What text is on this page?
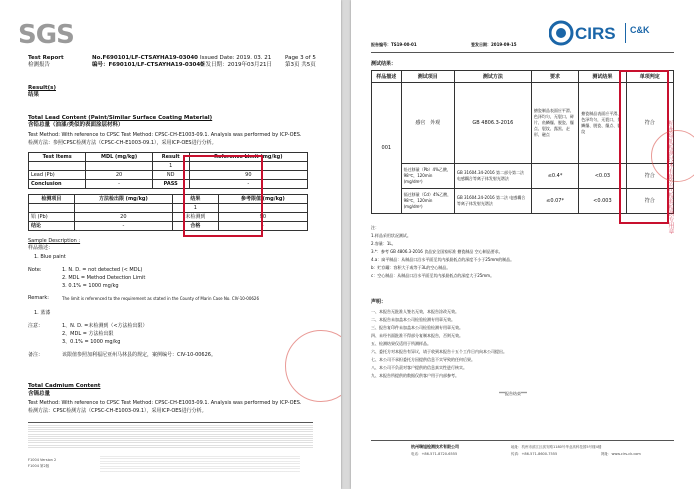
SGS
Test Report
检测报告
No.F690101/LF-CTSAYHA19-03040
编号：F690101/LF-CTSAYHA19-03040
Issued Date: 2019. 03. 21
签发日期：2019年03月21日
Page 3 of 5
第3页 共5页
Result(s)
结果
Total Lead Content (Paint/Similar Surface Coating Material)
含铅总量（油漆/类似的表面涂层材料）
Test Method: With reference to CPSC Test Method: CPSC-CH-E1003-09.1. Analysis was performed by ICP-OES.
检测方法：参照CPSC检测方法（CPSC-CH-E1003-09.1），采用ICP-OES进行分析。
Test Items	MDL (mg/kg)	Result	Reference Limit (mg/kg)
		1	
Lead (Pb)	20	ND	90
Conclusion	-	PASS	-
检测项目	方法检出限 (mg/kg)	结果	参考限值 (mg/kg)
		1	
铅 (Pb)	20	未检测到	90
结论	-	合格	-
Sample Description :
样品描述：
1. Blue paint
Note:	1. N. D. = not detected (< MDL)
2. MDL = Method Detection Limit
3. 0.1% = 1000 mg/kg
Remark:	The limit is referenced to the requirement as stated in the County of Marin Case No. CIV-10-00626
1. 蓝漆
注意：	1、N. D. =未检测到（<方法检出限）
2、MDL = 方法检出限
3、0.1% = 1000 mg/kg
备注：	该限值参照加利福尼亚州马林县的规定，案例编号：CIV-10-00626。
Total Cadmium Content
含镉总量
Test Method: With reference to CPSC Test Method: CPSC-CH-E1003-09.1. Analysis was performed by ICP-OES.
检测方法：CPSC检测方法（CPSC-CH-E1003-09.1），采用ICP-OES进行分析。
F1004 Version 2
F1004 第2版
CIRS C&K
报告编号：TS19-00-01	签发日期：2019-09-15
测试结果：
样品描述	测试项目	测试方法	要求	测试结果	单项判定
001	感官 外观	GB 4806.3-2016	搪瓷制品表面应平滑、色泽均匀，无裂口、碎片、鱼鳞爆、脱瓷、爆点、裂纹、露黑、走形、磁点	搪瓷制品表面应平滑、色泽均匀，无裂口，鱼鳞爆、脱瓷、爆点、裂纹	符合
	铅迁移量（Pb）4%乙酸，98℃，120min (mg/dm²)	GB 31604.34-2016 第二部分第二法 电感耦合等离子体发射光谱法	≤0.4*	<0.03	符合
	镉迁移量（Cd）4%乙酸，98℃，120min (mg/dm²)	GB 31604.24-2016 第二法 电感耦合等离子体发射光谱法	≤0.07*	<0.003	符合
注：
1.样品采用状况测试。
2.容量：1L。
3.*：参考 GB 4806.3-2016 食品安全国家标准 搪瓷制品 空心制品要求。
4.a：扁平制品：从制品口沿水平面至其内部最低点的深度不小于25mm的制品。
b：贮存罐：容积大于或等于3L的空心制品。
c：空心制品：从制品口沿水平面至其内部最低点的深度大于25mm。
声明：
一、本报告无批准人签名无效，本报告涂改无效。
二、本报告未加盖本公司检验检测专用章无效。
三、报告复印件未加盖本公司检验检测专用章无效。
四、未经书面批准不得部分复制本报告，否则无效。
五、检测结果仅适用于所测样品。
六、委托方对本报告有异议，请于收到本报告十五个工作日内向本公司提出。
七、本公司不承担委托方因提供信息不实导致的任何后果。
八、本公司不负责对客户提供的信息真实性进行核实。
九、本报告所提供的数据仅供客户用于内部参考。
***报告结束***
杭州瑞旭检测技术有限公司	地址：杭州市滨江区滨安路1180号华业高科技园5号楼4楼
电话：+86-571-8720-6555	传真：+86-571-8600-7555	网址：www.cirs-ck.com
杭州瑞旭检测技术有限公司检验检测专用章
